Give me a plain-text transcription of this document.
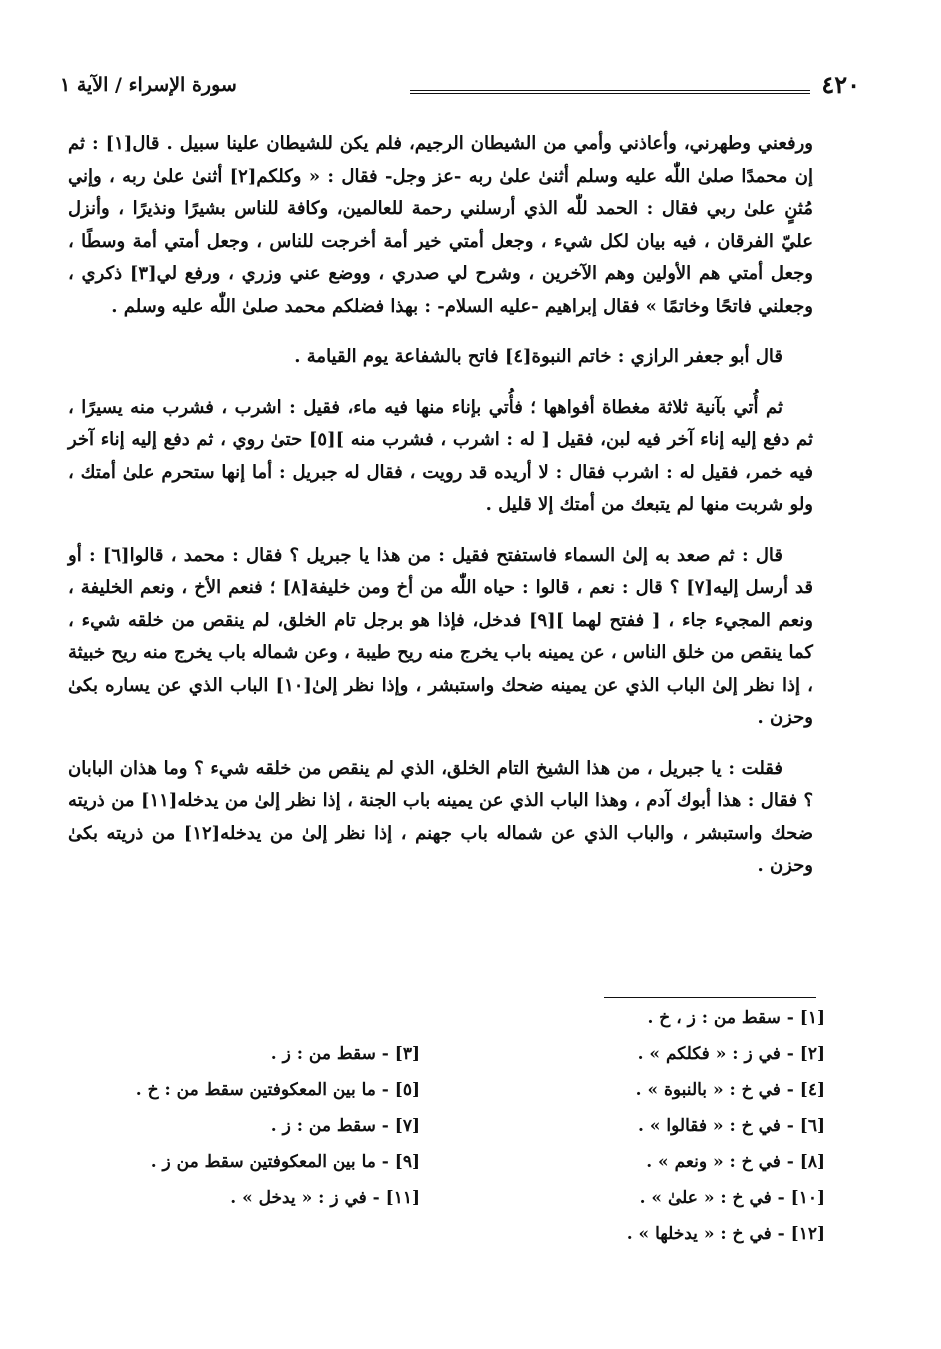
٤٢٠
سورة الإسراء / الآية ١

ورفعني وطهرني، وأعاذني وأمي من الشيطان الرجيم، فلم يكن للشيطان علينا سبيل . قال[١] : ثم إن محمدًا صلىٰ اللّٰه عليه وسلم أثنىٰ علىٰ ربه -عز وجل- فقال : « وكلكم[٢] أثنىٰ علىٰ ربه ، وإني مُثنٍ علىٰ ربي فقال : الحمد للّٰه الذي أرسلني رحمة للعالمين، وكافة للناس بشيرًا ونذيرًا ، وأنزل عليّ الفرقان ، فيه بيان لكل شيء ، وجعل أمتي خير أمة أخرجت للناس ، وجعل أمتي أمة وسطًا ، وجعل أمتي هم الأولين وهم الآخرين ، وشرح لي صدري ، ووضع عني وزري ، ورفع لي[٣] ذكري ، وجعلني فاتحًا وخاتمًا » فقال إبراهيم -عليه السلام- : بهذا فضلكم محمد صلىٰ اللّٰه عليه وسلم .

قال أبو جعفر الرازي : خاتم النبوة[٤] فاتح بالشفاعة يوم القيامة .

ثم أُتي بآنية ثلاثة مغطاة أفواهها ؛ فأُتي بإناء منها فيه ماء، فقيل : اشرب ، فشرب منه يسيرًا ، ثم دفع إليه إناء آخر فيه لبن، فقيل [ له : اشرب ، فشرب منه ][٥] حتىٰ روي ، ثم دفع إليه إناء آخر فيه خمر، فقيل له : اشرب فقال : لا أريده قد رويت ، فقال له جبريل : أما إنها ستحرم علىٰ أمتك ، ولو شربت منها لم يتبعك من أمتك إلا قليل .

قال : ثم صعد به إلىٰ السماء فاستفتح فقيل : من هذا يا جبريل ؟ فقال : محمد ، قالوا[٦] : أو قد أرسل إليه[٧] ؟ قال : نعم ، قالوا : حياه اللّٰه من أخ ومن خليفة[٨] ؛ فنعم الأخ ، ونعم الخليفة ، ونعم المجيء جاء ، [ ففتح لهما ][٩] فدخل، فإذا هو برجل تام الخلق، لم ينقص من خلقه شيء ، كما ينقص من خلق الناس ، عن يمينه باب يخرج منه ريح طيبة ، وعن شماله باب يخرج منه ريح خبيثة ، إذا نظر إلىٰ الباب الذي عن يمينه ضحك واستبشر ، وإذا نظر إلىٰ[١٠] الباب الذي عن يساره بكىٰ وحزن .

فقلت : يا جبريل ، من هذا الشيخ التام الخلق، الذي لم ينقص من خلقه شيء ؟ وما هذان البابان ؟ فقال : هذا أبوك آدم ، وهذا الباب الذي عن يمينه باب الجنة ، إذا نظر إلىٰ من يدخله[١١] من ذريته ضحك واستبشر ، والباب الذي عن شماله باب جهنم ، إذا نظر إلىٰ من يدخله[١٢] من ذريته بكىٰ وحزن .

[١] - سقط من : ز ، خ .
[٢] - في ز : « فكلكم » .
[٤] - في خ : « بالنبوة » .
[٦] - في خ : « فقالوا » .
[٨] - في خ : « ونعم » .
[١٠] - في خ : « علىٰ » .
[١٢] - في خ : « يدخلها » .
[٣] - سقط من : ز .
[٥] - ما بين المعكوفتين سقط من : خ .
[٧] - سقط من : ز .
[٩] - ما بين المعكوفتين سقط من ز .
[١١] - في ز : « يدخل » .
